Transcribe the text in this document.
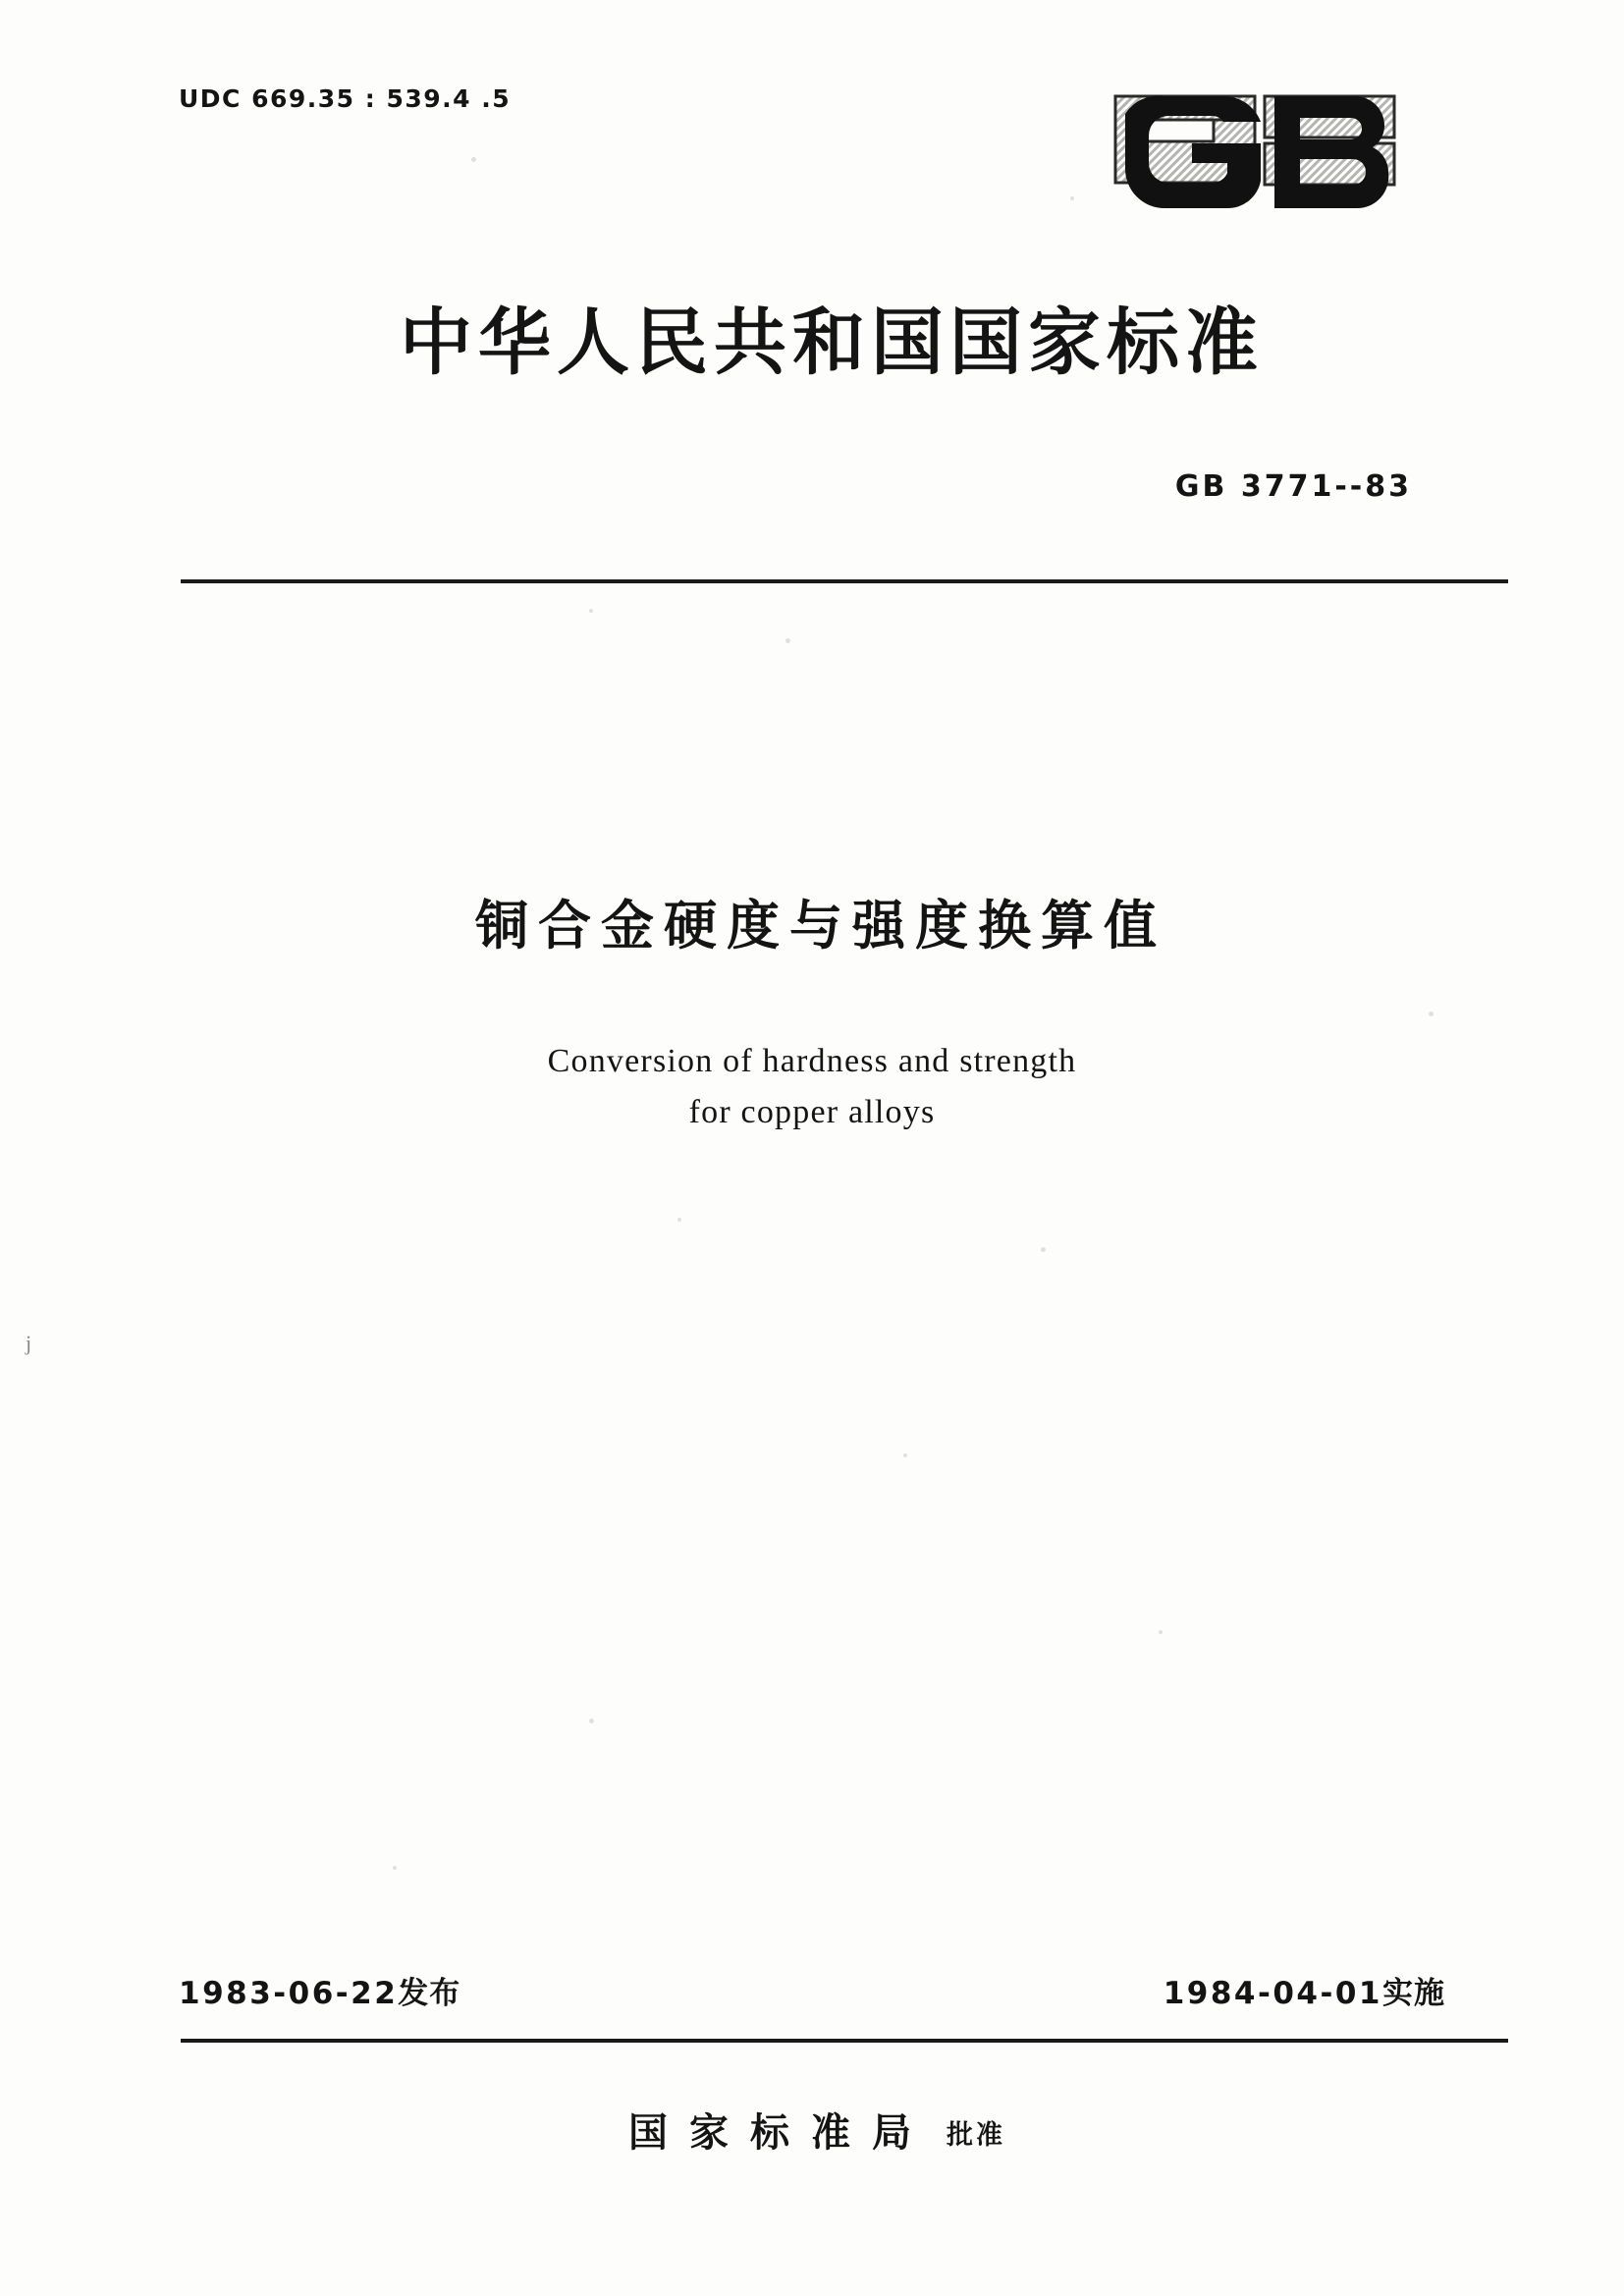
UDC 669.35 : 539.4 .5
中华人民共和国国家标准
GB 3771--83
铜合金硬度与强度换算值
Conversion of hardness and strength
for copper alloys
j
1983-06-22发布	1984-04-01实施
国家标准局 批准
